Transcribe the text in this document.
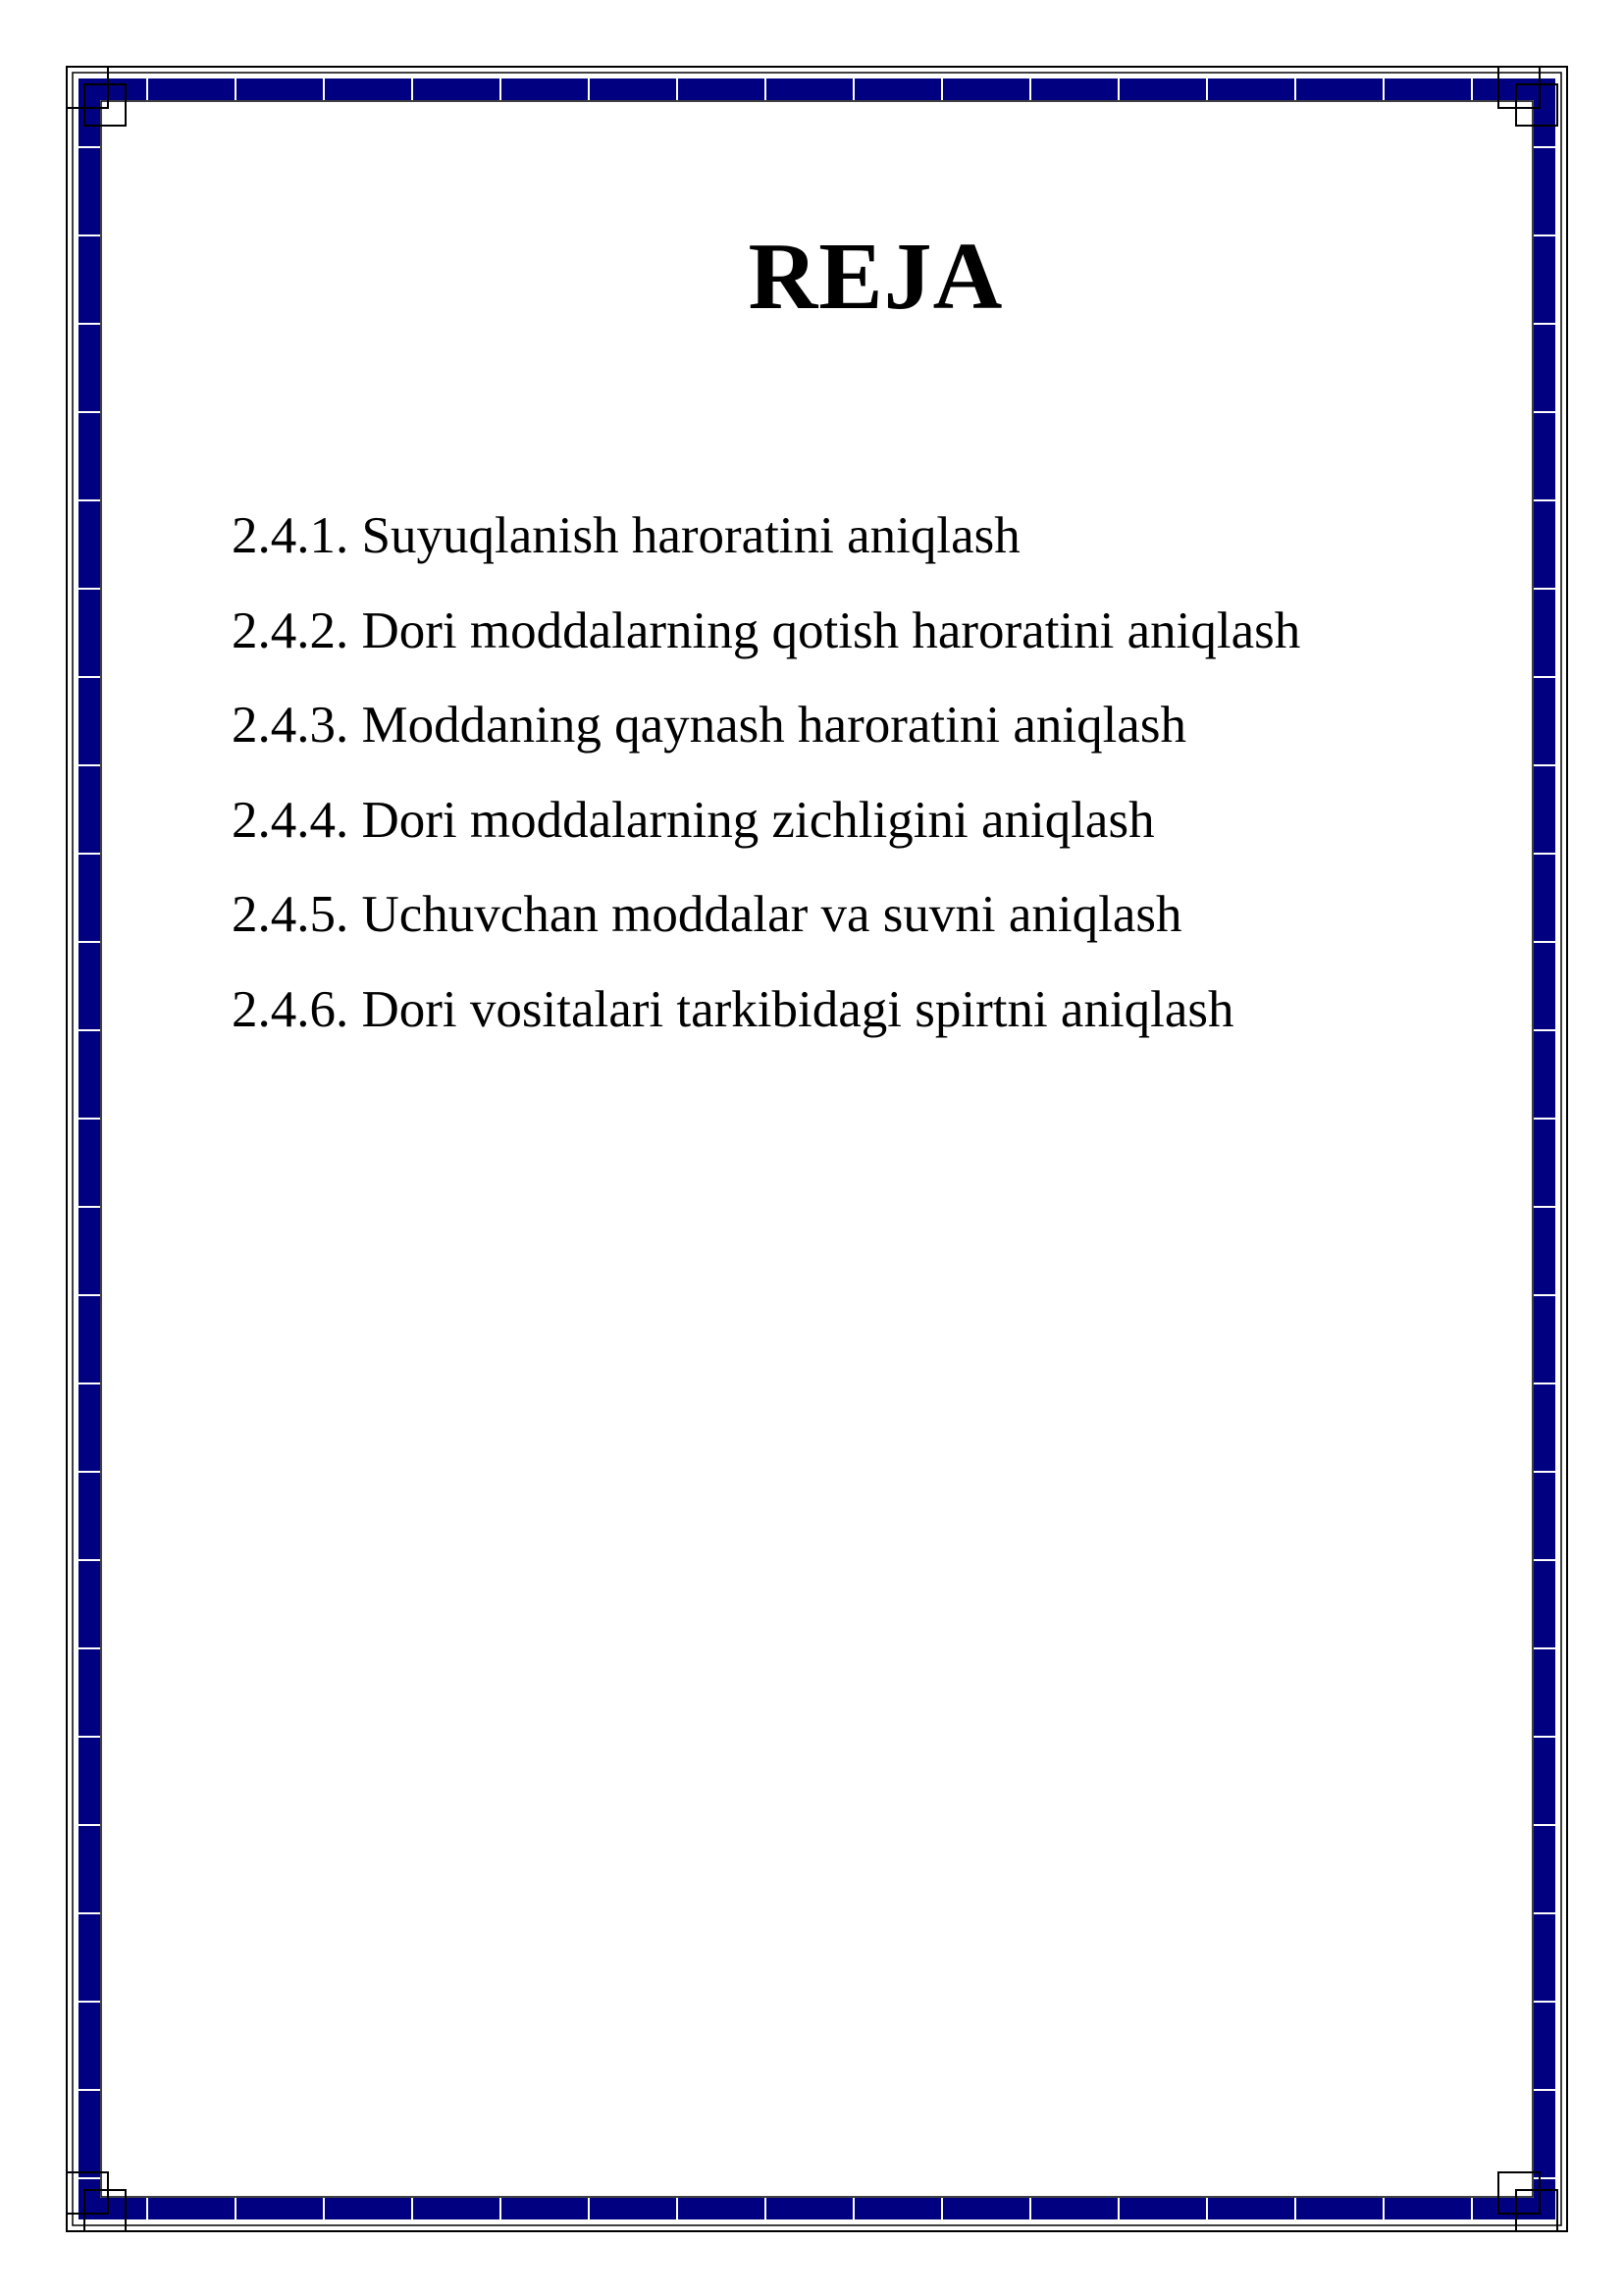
REJA
2.4.1. Suyuqlanish haroratini aniqlash
2.4.2. Dori moddalarning qotish haroratini aniqlash
2.4.3. Moddaning qaynash haroratini aniqlash
2.4.4. Dori moddalarning zichligini aniqlash
2.4.5. Uchuvchan moddalar va suvni aniqlash
2.4.6. Dori vositalari tarkibidagi spirtni aniqlash
